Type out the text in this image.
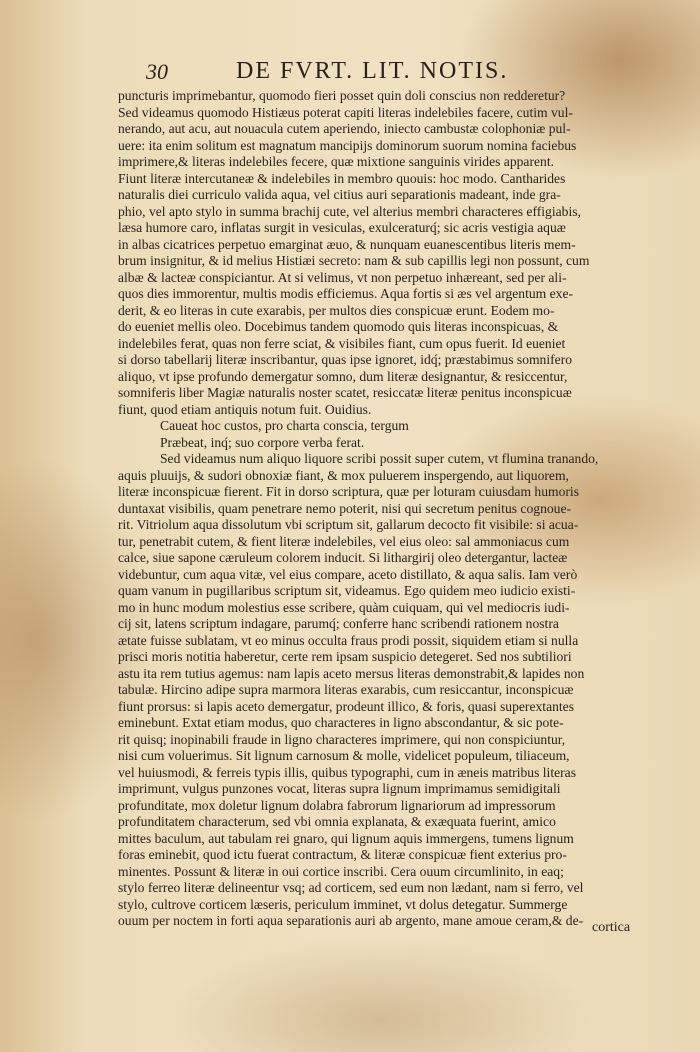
30	DE FVRT. LIT. NOTIS.
puncturis imprimebantur, quomodo fieri posset quin doli conscius non redderetur?
Sed videamus quomodo Histiæus poterat capiti literas indelebiles facere, cutim vul-
nerando, aut acu, aut nouacula cutem aperiendo, iniecto cambustæ colophoniæ pul-
uere: ita enim solitum est magnatum mancipijs dominorum suorum nomina faciebus
imprimere,& literas indelebiles fecere, quæ mixtione sanguinis virides apparent.
Fiunt literæ intercutaneæ & indelebiles in membro quouis: hoc modo. Cantharides
naturalis diei curriculo valida aqua, vel citius auri separationis madeant, inde gra-
phio, vel apto stylo in summa brachij cute, vel alterius membri characteres effigiabis,
læsa humore caro, inflatas surgit in vesiculas, exulceraturq́; sic acris vestigia aquæ
in albas cicatrices perpetuo emarginat æuo, & nunquam euanescentibus literis mem-
brum insignitur, & id melius Histiæi secreto: nam & sub capillis legi non possunt, cum
albæ & lacteæ conspiciantur. At si velimus, vt non perpetuo inhæreant, sed per ali-
quos dies immorentur, multis modis efficiemus. Aqua fortis si æs vel argentum exe-
derit, & eo literas in cute exarabis, per multos dies conspicuæ erunt. Eodem mo-
do eueniet mellis oleo. Docebimus tandem quomodo quis literas inconspicuas, &
indelebiles ferat, quas non ferre sciat, & visibiles fiant, cum opus fuerit. Id eueniet
si dorso tabellarij literæ inscribantur, quas ipse ignoret, idq́; præstabimus somnifero
aliquo, vt ipse profundo demergatur somno, dum literæ designantur, & resiccentur,
somniferis liber Magiæ naturalis noster scatet, resiccatæ literæ penitus inconspicuæ
fiunt, quod etiam antiquis notum fuit. Ouidius.
Caueat hoc custos, pro charta conscia, tergum
Præbeat, inq́; suo corpore verba ferat.
Sed videamus num aliquo liquore scribi possit super cutem, vt flumina tranando,
aquis pluuijs, & sudori obnoxiæ fiant, & mox puluerem inspergendo, aut liquorem,
literæ inconspicuæ fierent. Fit in dorso scriptura, quæ per loturam cuiusdam humoris
duntaxat visibilis, quam penetrare nemo poterit, nisi qui secretum penitus cognoue-
rit. Vitriolum aqua dissolutum vbi scriptum sit, gallarum decocto fit visibile: si acua-
tur, penetrabit cutem, & fient literæ indelebiles, vel eius oleo: sal ammoniacus cum
calce, siue sapone cæruleum colorem inducit. Si lithargirij oleo detergantur, lacteæ
videbuntur, cum aqua vitæ, vel eius compare, aceto distillato, & aqua salis. Iam verò
quam vanum in pugillaribus scriptum sit, videamus. Ego quidem meo iudicio existi-
mo in hunc modum molestius esse scribere, quàm cuiquam, qui vel mediocris iudi-
cij sit, latens scriptum indagare, parumq́; conferre hanc scribendi rationem nostra
ætate fuisse sublatam, vt eo minus occulta fraus prodi possit, siquidem etiam si nulla
prisci moris notitia haberetur, certe rem ipsam suspicio detegeret. Sed nos subtiliori
astu ita rem tutius agemus: nam lapis aceto mersus literas demonstrabit,& lapides non
tabulæ. Hircino adipe supra marmora literas exarabis, cum resiccantur, inconspicuæ
fiunt prorsus: si lapis aceto demergatur, prodeunt illico, & foris, quasi superextantes
eminebunt. Extat etiam modus, quo characteres in ligno abscondantur, & sic pote-
rit quisq; inopinabili fraude in ligno characteres imprimere, qui non conspiciuntur,
nisi cum voluerimus. Sit lignum carnosum & molle, videlicet populeum, tiliaceum,
vel huiusmodi, & ferreis typis illis, quibus typographi, cum in æneis matribus literas
imprimunt, vulgus punzones vocat, literas supra lignum imprimamus semidigitali
profunditate, mox doletur lignum dolabra fabrorum lignariorum ad impressorum
profunditatem characterum, sed vbi omnia explanata, & exæquata fuerint, amico
mittes baculum, aut tabulam rei gnaro, qui lignum aquis immergens, tumens lignum
foras eminebit, quod ictu fuerat contractum, & literæ conspicuæ fient exterius pro-
minentes. Possunt & literæ in oui cortice inscribi. Cera ouum circumlinito, in eaq;
stylo ferreo literæ delineentur vsq; ad corticem, sed eum non lædant, nam si ferro, vel
stylo, cultrove corticem læseris, periculum imminet, vt dolus detegatur. Summerge
ouum per noctem in forti aqua separationis auri ab argento, mane amoue ceram,& de- cortica
